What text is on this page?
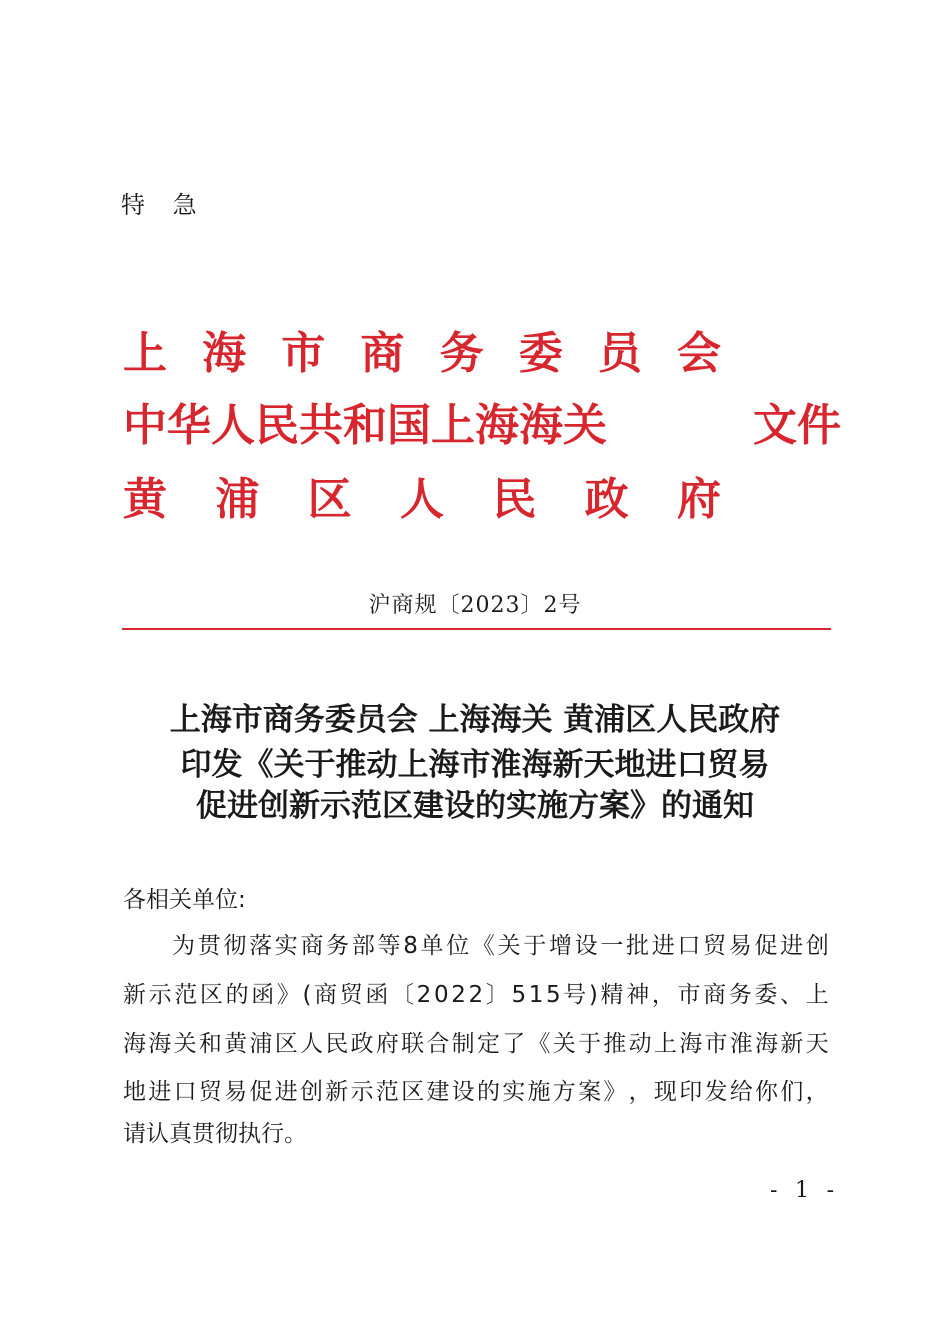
特 急
上 海 市 商 务 委 员 会
中华人民共和国上海海关	文件
黄 浦 区 人 民 政 府
沪商规〔2023〕2号
上海市商务委员会 上海海关 黄浦区人民政府
印发《关于推动上海市淮海新天地进口贸易
促进创新示范区建设的实施方案》的通知
各相关单位:
为 贯 彻 落 实 商 务 部 等 8 单 位 《 关 于 增 设 一 批 进 口 贸 易 促 进 创
新 示 范 区 的 函 》 ( 商 贸 函 〔 2 0 2 2 〕 5 1 5 号 ) 精 神 ， 市 商 务 委 、 上
海 海 关 和 黄 浦 区 人 民 政 府 联 合 制 定 了 《 关 于 推 动 上 海 市 淮 海 新 天
地 进 口 贸 易 促 进 创 新 示 范 区 建 设 的 实 施 方 案 》 ， 现 印 发 给 你 们 ，
请认真贯彻执行。
- 1 -
